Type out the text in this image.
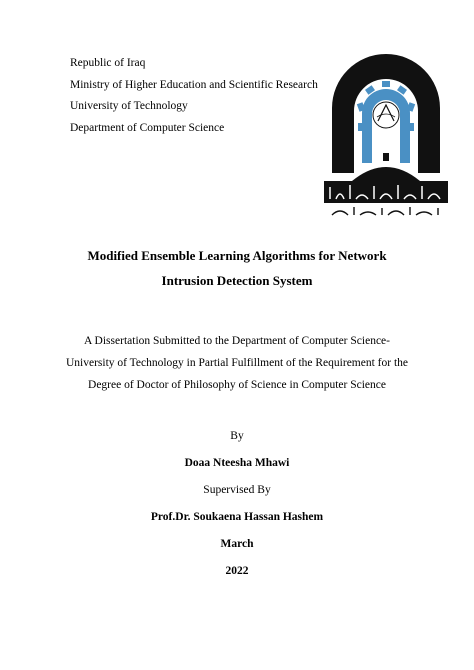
Republic of Iraq
Ministry of Higher Education and Scientific Research
University of Technology
Department of Computer Science
Modified Ensemble Learning Algorithms for Network
Intrusion Detection System
A Dissertation Submitted to the Department of Computer Science-
University of Technology in Partial Fulfillment of the Requirement for the
Degree of Doctor of Philosophy of Science in Computer Science
By
Doaa Nteesha Mhawi
Supervised By
Prof.Dr. Soukaena Hassan Hashem
March
2022
